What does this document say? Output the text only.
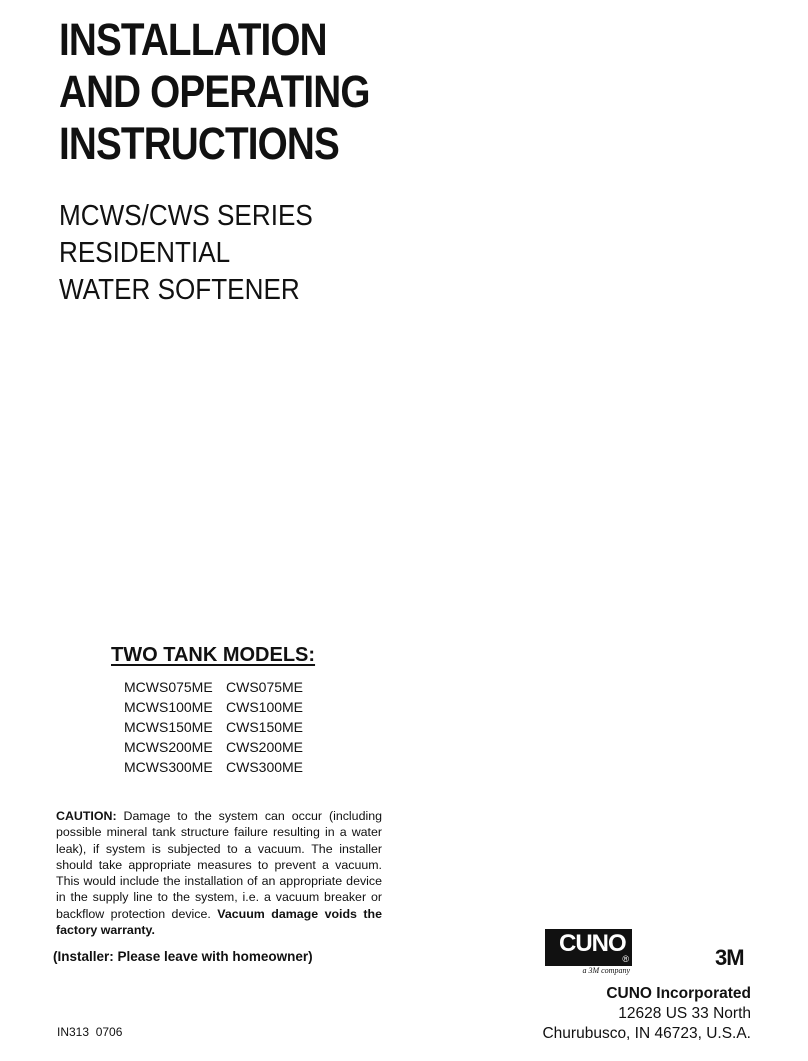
INSTALLATION
AND OPERATING
INSTRUCTIONS
MCWS/CWS SERIES
RESIDENTIAL
WATER SOFTENER
TWO TANK MODELS:
MCWS075ME	CWS075ME
MCWS100ME	CWS100ME
MCWS150ME	CWS150ME
MCWS200ME	CWS200ME
MCWS300ME	CWS300ME

CAUTION: Damage to the system can occur (including possible mineral tank structure failure resulting in a water leak), if system is subjected to a vacuum. The installer should take appropriate measures to prevent a vacuum. This would include the installation of an appropriate device in the supply line to the system, i.e. a vacuum breaker or backflow protection device. Vacuum damage voids the factory warranty.

(Installer: Please leave with homeowner)

IN313  0706

CUNO
®

a 3M company

3M

CUNO Incorporated
12628 US 33 North
Churubusco, IN 46723, U.S.A.
